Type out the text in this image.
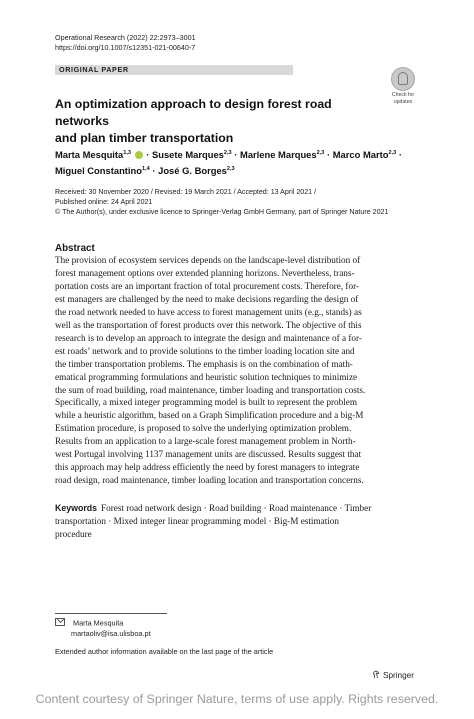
Operational Research (2022) 22:2973–3001
https://doi.org/10.1007/s12351-021-00640-7
ORIGINAL PAPER
Check for
updates
An optimization approach to design forest road networks
and plan timber transportation
Marta Mesquita$^{1,3}$  · Susete Marques$^{2,3}$ · Marlene Marques$^{2,3}$ · Marco Marto$^{2,3}$ ·
Miguel Constantino$^{1,4}$ · José G. Borges$^{2,3}$
Received: 30 November 2020 / Revised: 19 March 2021 / Accepted: 13 April 2021 /
Published online: 24 April 2021
© The Author(s), under exclusive licence to Springer-Verlag GmbH Germany, part of Springer Nature 2021
Abstract
The provision of ecosystem services depends on the landscape-level distribution of
forest management options over extended planning horizons. Nevertheless, trans-
portation costs are an important fraction of total procurement costs. Therefore, for-
est managers are challenged by the need to make decisions regarding the design of
the road network needed to have access to forest management units (e.g., stands) as
well as the transportation of forest products over this network. The objective of this
research is to develop an approach to integrate the design and maintenance of a for-
est roads’ network and to provide solutions to the timber loading location site and
the timber transportation problems. The emphasis is on the combination of math-
ematical programming formulations and heuristic solution techniques to minimize
the sum of road building, road maintenance, timber loading and transportation costs.
Specifically, a mixed integer programming model is built to represent the problem
while a heuristic algorithm, based on a Graph Simplification procedure and a big-M
Estimation procedure, is proposed to solve the underlying optimization problem.
Results from an application to a large-scale forest management problem in North-
west Portugal involving 1137 management units are discussed. Results suggest that
this approach may help address efficiently the need by forest managers to integrate
road design, road maintenance, timber loading location and transportation concerns.
Keywords Forest road network design · Road building · Road maintenance · Timber
transportation · Mixed integer linear programming model · Big-M estimation
procedure
Marta Mesquita
martaoliv@isa.ulisboa.pt
Extended author information available on the last page of the article
Springer
Content courtesy of Springer Nature, terms of use apply. Rights reserved.
